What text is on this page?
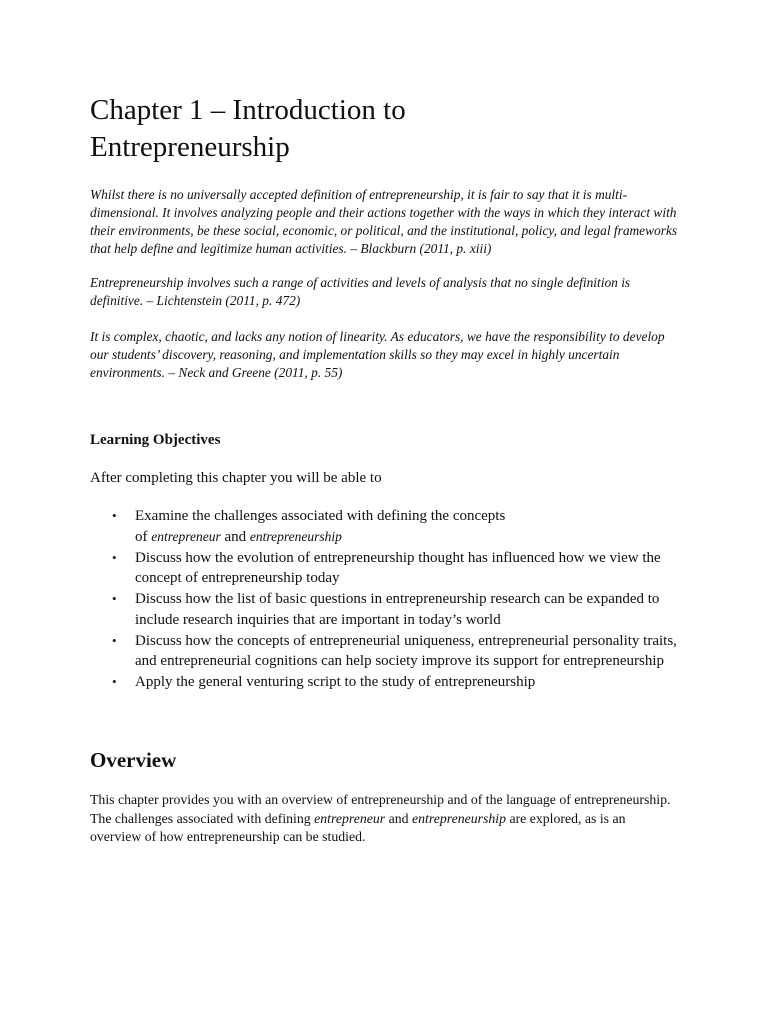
Chapter 1 – Introduction to
Entrepreneurship

Whilst there is no universally accepted definition of entrepreneurship, it is fair to say that it is multi-dimensional. It involves analyzing people and their actions together with the ways in which they interact with their environments, be these social, economic, or political, and the institutional, policy, and legal frameworks that help define and legitimize human activities. – Blackburn (2011, p. xiii)

Entrepreneurship involves such a range of activities and levels of analysis that no single definition is definitive. – Lichtenstein (2011, p. 472)

It is complex, chaotic, and lacks any notion of linearity. As educators, we have the responsibility to develop our students’ discovery, reasoning, and implementation skills so they may excel in highly uncertain environments. – Neck and Greene (2011, p. 55)

Learning Objectives

After completing this chapter you will be able to

• Examine the challenges associated with defining the concepts
of entrepreneur and entrepreneurship
• Discuss how the evolution of entrepreneurship thought has influenced how we view the concept of entrepreneurship today
• Discuss how the list of basic questions in entrepreneurship research can be expanded to include research inquiries that are important in today’s world
• Discuss how the concepts of entrepreneurial uniqueness, entrepreneurial personality traits, and entrepreneurial cognitions can help society improve its support for entrepreneurship
• Apply the general venturing script to the study of entrepreneurship
Overview

This chapter provides you with an overview of entrepreneurship and of the language of entrepreneurship. The challenges associated with defining entrepreneur and entrepreneurship are explored, as is an overview of how entrepreneurship can be studied.
